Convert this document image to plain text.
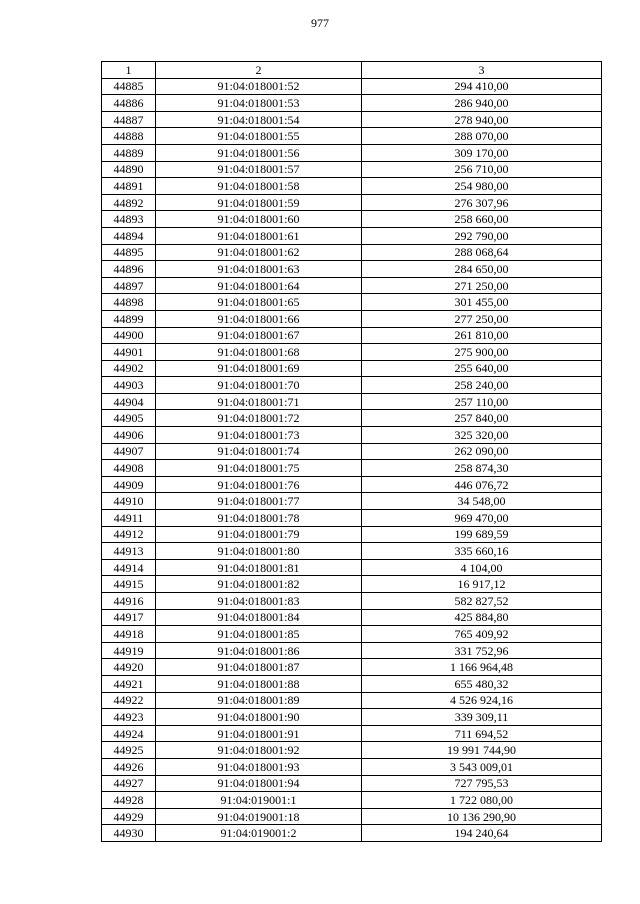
977
1	2	3
44885	91:04:018001:52	294 410,00
44886	91:04:018001:53	286 940,00
44887	91:04:018001:54	278 940,00
44888	91:04:018001:55	288 070,00
44889	91:04:018001:56	309 170,00
44890	91:04:018001:57	256 710,00
44891	91:04:018001:58	254 980,00
44892	91:04:018001:59	276 307,96
44893	91:04:018001:60	258 660,00
44894	91:04:018001:61	292 790,00
44895	91:04:018001:62	288 068,64
44896	91:04:018001:63	284 650,00
44897	91:04:018001:64	271 250,00
44898	91:04:018001:65	301 455,00
44899	91:04:018001:66	277 250,00
44900	91:04:018001:67	261 810,00
44901	91:04:018001:68	275 900,00
44902	91:04:018001:69	255 640,00
44903	91:04:018001:70	258 240,00
44904	91:04:018001:71	257 110,00
44905	91:04:018001:72	257 840,00
44906	91:04:018001:73	325 320,00
44907	91:04:018001:74	262 090,00
44908	91:04:018001:75	258 874,30
44909	91:04:018001:76	446 076,72
44910	91:04:018001:77	34 548,00
44911	91:04:018001:78	969 470,00
44912	91:04:018001:79	199 689,59
44913	91:04:018001:80	335 660,16
44914	91:04:018001:81	4 104,00
44915	91:04:018001:82	16 917,12
44916	91:04:018001:83	582 827,52
44917	91:04:018001:84	425 884,80
44918	91:04:018001:85	765 409,92
44919	91:04:018001:86	331 752,96
44920	91:04:018001:87	1 166 964,48
44921	91:04:018001:88	655 480,32
44922	91:04:018001:89	4 526 924,16
44923	91:04:018001:90	339 309,11
44924	91:04:018001:91	711 694,52
44925	91:04:018001:92	19 991 744,90
44926	91:04:018001:93	3 543 009,01
44927	91:04:018001:94	727 795,53
44928	91:04:019001:1	1 722 080,00
44929	91:04:019001:18	10 136 290,90
44930	91:04:019001:2	194 240,64
